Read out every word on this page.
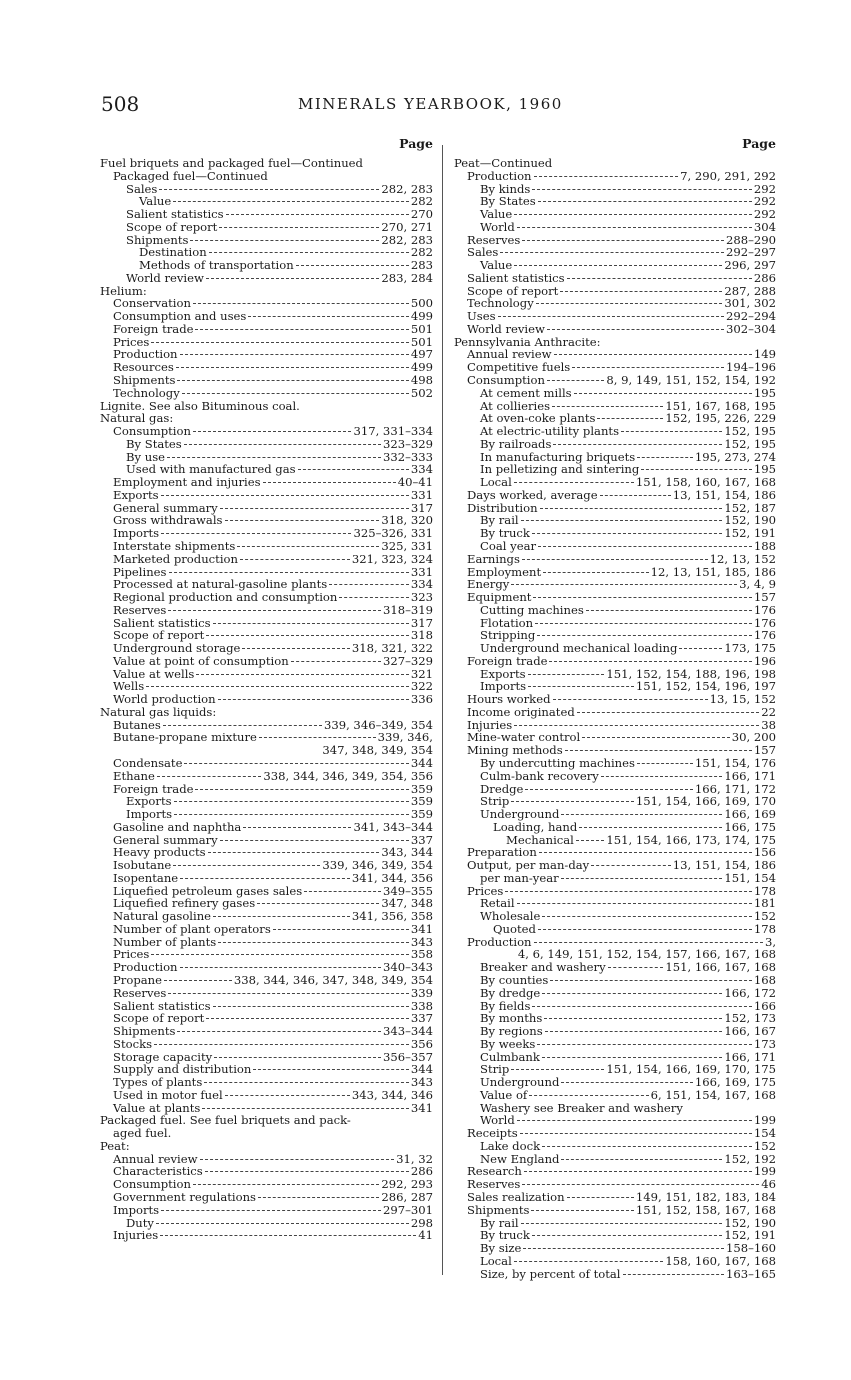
508	MINERALS YEARBOOK, 1960
Page
Fuel briquets and packaged fuel—Continued
Packaged fuel—Continued
Sales	282, 283
Value	282
Salient statistics	270
Scope of report	270, 271
Shipments	282, 283
Destination	282
Methods of transportation	283
World review	283, 284
Helium:
Conservation	500
Consumption and uses	499
Foreign trade	501
Prices	501
Production	497
Resources	499
Shipments	498
Technology	502
Lignite. See also Bituminous coal.
Natural gas:
Consumption	317, 331–334
By States	323–329
By use	332–333
Used with manufactured gas	334
Employment and injuries	40–41
Exports	331
General summary	317
Gross withdrawals	318, 320
Imports	325–326, 331
Interstate shipments	325, 331
Marketed production	321, 323, 324
Pipelines	331
Processed at natural-gasoline plants	334
Regional production and consumption	323
Reserves	318–319
Salient statistics	317
Scope of report	318
Underground storage	318, 321, 322
Value at point of consumption	327–329
Value at wells	321
Wells	322
World production	336
Natural gas liquids:
Butanes	339, 346–349, 354
Butane-propane mixture	339, 346,
347, 348, 349, 354
Condensate	344
Ethane	338, 344, 346, 349, 354, 356
Foreign trade	359
Exports	359
Imports	359
Gasoline and naphtha	341, 343–344
General summary	337
Heavy products	343, 344
Isobutane	339, 346, 349, 354
Isopentane	341, 344, 356
Liquefied petroleum gases sales	349–355
Liquefied refinery gases	347, 348
Natural gasoline	341, 356, 358
Number of plant operators	341
Number of plants	343
Prices	358
Production	340–343
Propane	338, 344, 346, 347, 348, 349, 354
Reserves	339
Salient statistics	338
Scope of report	337
Shipments	343–344
Stocks	356
Storage capacity	356–357
Supply and distribution	344
Types of plants	343
Used in motor fuel	343, 344, 346
Value at plants	341
Packaged fuel. See fuel briquets and pack-
aged fuel.
Peat:
Annual review	31, 32
Characteristics	286
Consumption	292, 293
Government regulations	286, 287
Imports	297–301
Duty	298
Injuries	41
Page
Peat—Continued
Production	7, 290, 291, 292
By kinds	292
By States	292
Value	292
World	304
Reserves	288–290
Sales	292–297
Value	296, 297
Salient statistics	286
Scope of report	287, 288
Technology	301, 302
Uses	292–294
World review	302–304
Pennsylvania Anthracite:
Annual review	149
Competitive fuels	194–196
Consumption	8, 9, 149, 151, 152, 154, 192
At cement mills	195
At collieries	151, 167, 168, 195
At oven-coke plants	152, 195, 226, 229
At electric-utility plants	152, 195
By railroads	152, 195
In manufacturing briquets	195, 273, 274
In pelletizing and sintering	195
Local	151, 158, 160, 167, 168
Days worked, average	13, 151, 154, 186
Distribution	152, 187
By rail	152, 190
By truck	152, 191
Coal year	188
Earnings	12, 13, 152
Employment	12, 13, 151, 185, 186
Energy	3, 4, 9
Equipment	157
Cutting machines	176
Flotation	176
Stripping	176
Underground mechanical loading	173, 175
Foreign trade	196
Exports	151, 152, 154, 188, 196, 198
Imports	151, 152, 154, 196, 197
Hours worked	13, 15, 152
Income originated	22
Injuries	38
Mine-water control	30, 200
Mining methods	157
By undercutting machines	151, 154, 176
Culm-bank recovery	166, 171
Dredge	166, 171, 172
Strip	151, 154, 166, 169, 170
Underground	166, 169
Loading, hand	166, 175
Mechanical	151, 154, 166, 173, 174, 175
Preparation	156
Output, per man-day	13, 151, 154, 186
per man-year	151, 154
Prices	178
Retail	181
Wholesale	152
Quoted	178
Production	3,
4, 6, 149, 151, 152, 154, 157, 166, 167, 168
Breaker and washery	151, 166, 167, 168
By counties	168
By dredge	166, 172
By fields	166
By months	152, 173
By regions	166, 167
By weeks	173
Culmbank	166, 171
Strip	151, 154, 166, 169, 170, 175
Underground	166, 169, 175
Value of	6, 151, 154, 167, 168
Washery see Breaker and washery
World	199
Receipts	154
Lake dock	152
New England	152, 192
Research	199
Reserves	46
Sales realization	149, 151, 182, 183, 184
Shipments	151, 152, 158, 167, 168
By rail	152, 190
By truck	152, 191
By size	158–160
Local	158, 160, 167, 168
Size, by percent of total	163–165
